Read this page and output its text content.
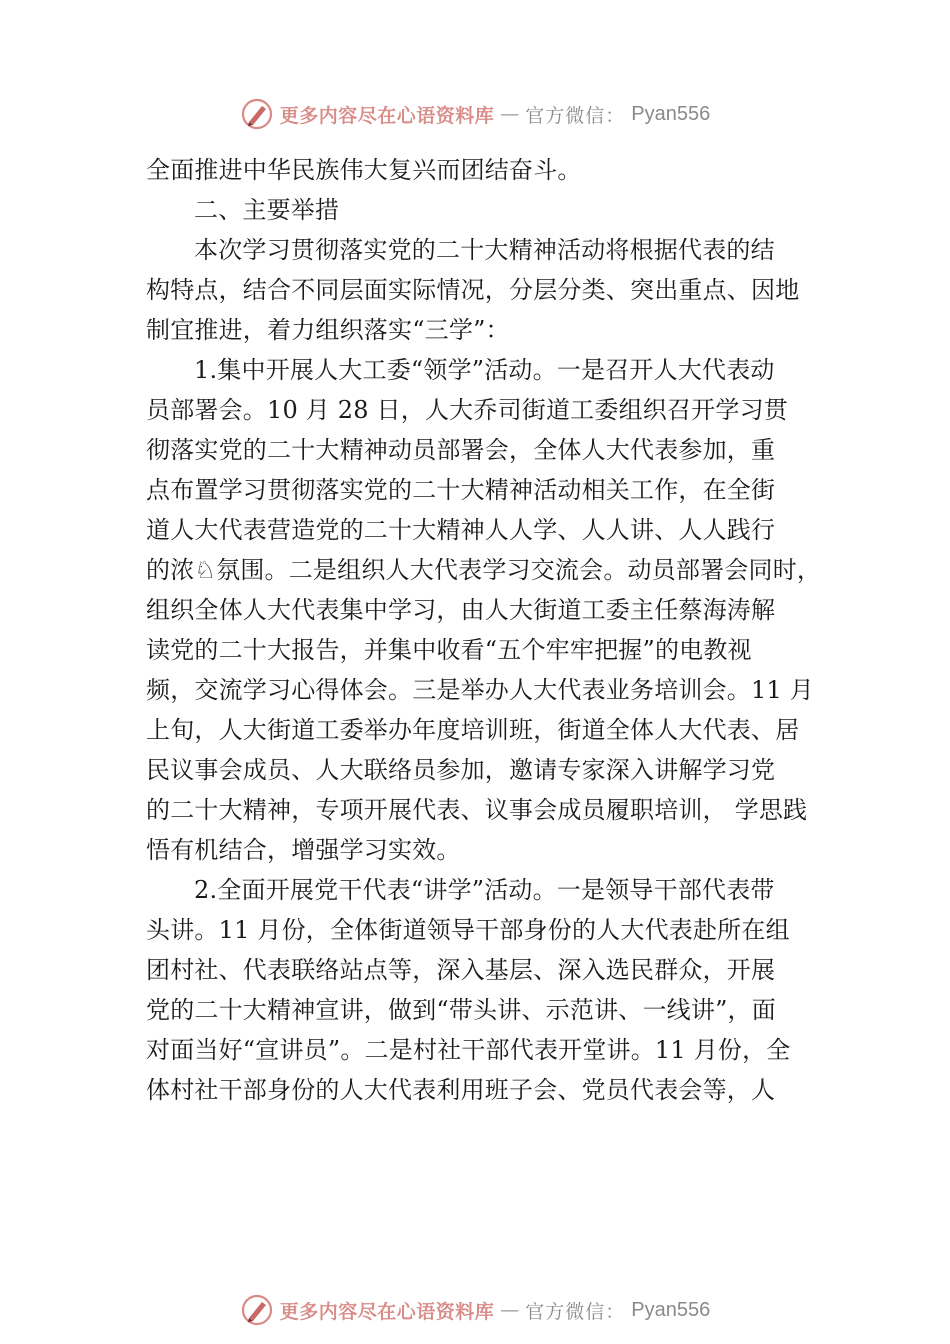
更多内容尽在心语资料库 — 官方微信： Pyan556
全面推进中华民族伟大复兴而团结奋斗。
二、主要举措
本次学习贯彻落实党的二十大精神活动将根据代表的结
构特点，结合不同层面实际情况，分层分类、突出重点、因地
制宜推进，着力组织落实“三学”：
1.集中开展人大工委“领学”活动。一是召开人大代表动
员部署会。10 月 28 日，人大乔司街道工委组织召开学习贯
彻落实党的二十大精神动员部署会，全体人大代表参加，重
点布置学习贯彻落实党的二十大精神活动相关工作，在全街
道人大代表营造党的二十大精神人人学、人人讲、人人践行
的浓♘氛围。二是组织人大代表学习交流会。动员部署会同时，
组织全体人大代表集中学习，由人大街道工委主任蔡海涛解
读党的二十大报告，并集中收看“五个牢牢把握”的电教视
频，交流学习心得体会。三是举办人大代表业务培训会。11 月
上旬，人大街道工委举办年度培训班，街道全体人大代表、居
民议事会成员、人大联络员参加，邀请专家深入讲解学习党
的二十大精神，专项开展代表、议事会成员履职培训， 学思践
悟有机结合，增强学习实效。
2.全面开展党干代表“讲学”活动。一是领导干部代表带
头讲。11 月份，全体街道领导干部身份的人大代表赴所在组
团村社、代表联络站点等，深入基层、深入选民群众，开展
党的二十大精神宣讲，做到“带头讲、示范讲、一线讲”，面
对面当好“宣讲员”。二是村社干部代表开堂讲。11 月份，全
体村社干部身份的人大代表利用班子会、党员代表会等，人
更多内容尽在心语资料库 — 官方微信： Pyan556
